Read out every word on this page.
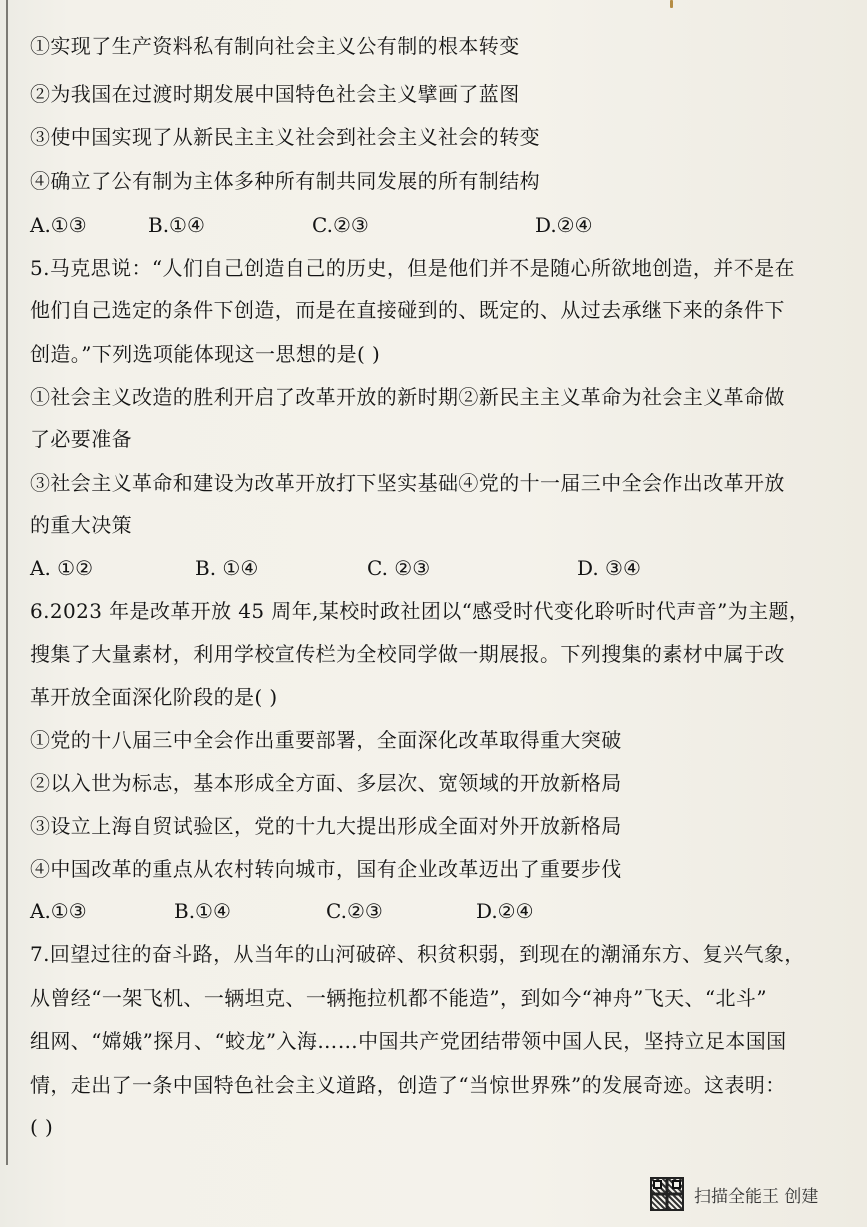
①实现了生产资料私有制向社会主义公有制的根本转变
②为我国在过渡时期发展中国特色社会主义擘画了蓝图
③使中国实现了从新民主主义社会到社会主义社会的转变
④确立了公有制为主体多种所有制共同发展的所有制结构
A.①③	B.①④	C.②③	D.②④
5.马克思说：“人们自己创造自己的历史，但是他们并不是随心所欲地创造，并不是在
他们自己选定的条件下创造，而是在直接碰到的、既定的、从过去承继下来的条件下
创造。”下列选项能体现这一思想的是( )
①社会主义改造的胜利开启了改革开放的新时期②新民主主义革命为社会主义革命做
了必要准备
③社会主义革命和建设为改革开放打下坚实基础④党的十一届三中全会作出改革开放
的重大决策
A. ①②	B. ①④	C. ②③	D. ③④
6.2023 年是改革开放 45 周年,某校时政社团以“感受时代变化聆听时代声音”为主题，
搜集了大量素材，利用学校宣传栏为全校同学做一期展报。下列搜集的素材中属于改
革开放全面深化阶段的是( )
①党的十八届三中全会作出重要部署，全面深化改革取得重大突破
②以入世为标志，基本形成全方面、多层次、宽领域的开放新格局
③设立上海自贸试验区，党的十九大提出形成全面对外开放新格局
④中国改革的重点从农村转向城市，国有企业改革迈出了重要步伐
A.①③	B.①④	C.②③	D.②④
7.回望过往的奋斗路，从当年的山河破碎、积贫积弱，到现在的潮涌东方、复兴气象，
从曾经“一架飞机、一辆坦克、一辆拖拉机都不能造”，到如今“神舟”飞天、“北斗”
组网、“嫦娥”探月、“蛟龙”入海……中国共产党团结带领中国人民，坚持立足本国国
情，走出了一条中国特色社会主义道路，创造了“当惊世界殊”的发展奇迹。这表明：
( )
扫描全能王 创建
